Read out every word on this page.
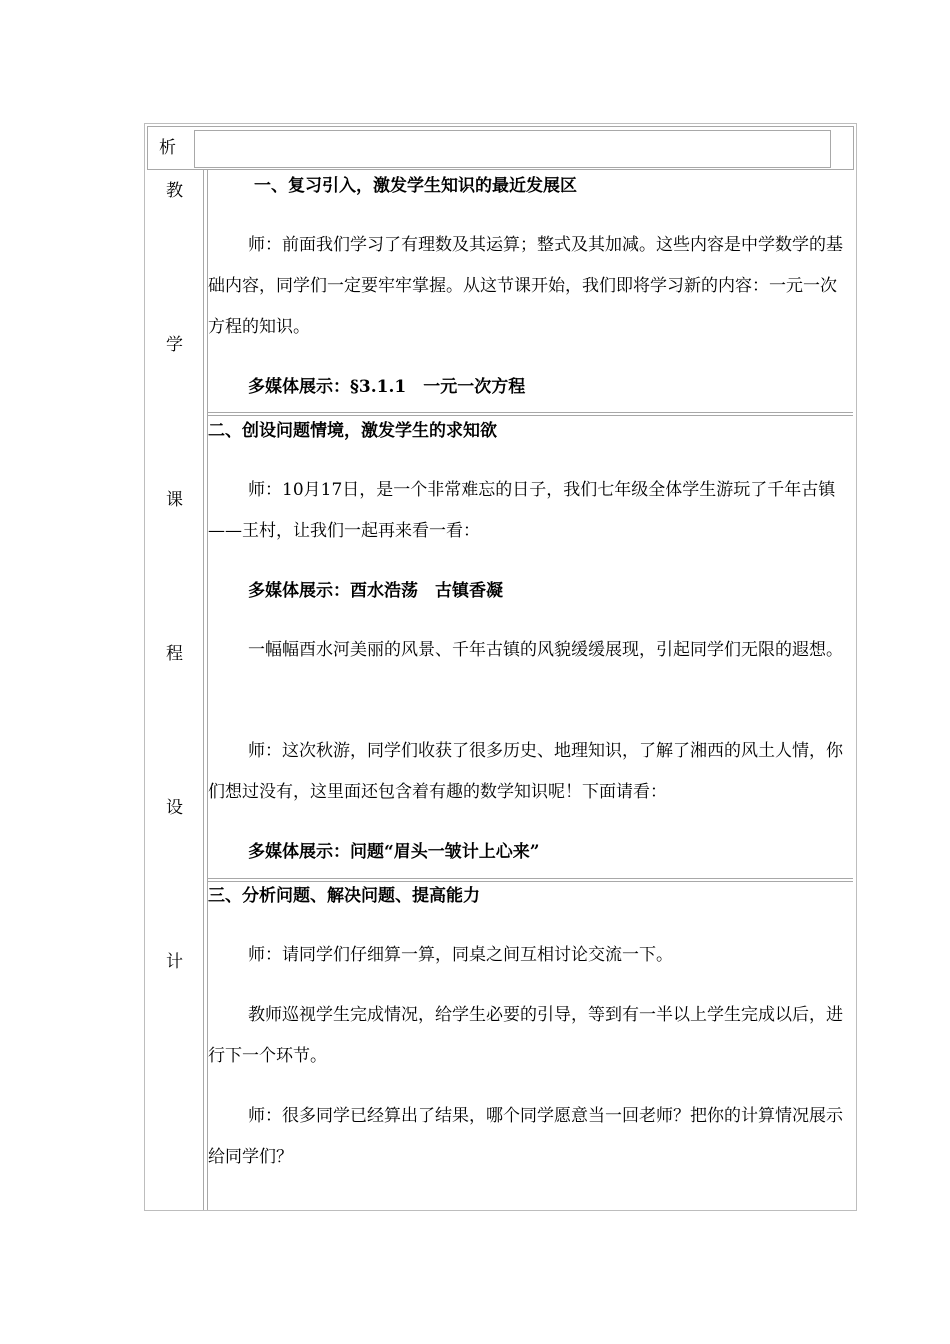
析
教
学
课
程
设
计
一、复习引入，激发学生知识的最近发展区
师：前面我们学习了有理数及其运算；整式及其加减。这些内容是中学数学的基础内容，同学们一定要牢牢掌握。从这节课开始，我们即将学习新的内容：一元一次方程的知识。
多媒体展示：§3.1.1　一元一次方程
二、创设问题情境，激发学生的求知欲
师：10月17日，是一个非常难忘的日子，我们七年级全体学生游玩了千年古镇——王村，让我们一起再来看一看：
多媒体展示：酉水浩荡　古镇香凝
一幅幅酉水河美丽的风景、千年古镇的风貌缓缓展现，引起同学们无限的遐想。
师：这次秋游，同学们收获了很多历史、地理知识，了解了湘西的风土人情，你们想过没有，这里面还包含着有趣的数学知识呢！下面请看：
多媒体展示：问题“眉头一皱计上心来”
三、分析问题、解决问题、提高能力
师：请同学们仔细算一算，同桌之间互相讨论交流一下。
教师巡视学生完成情况，给学生必要的引导，等到有一半以上学生完成以后，进行下一个环节。
师：很多同学已经算出了结果，哪个同学愿意当一回老师？把你的计算情况展示给同学们？
